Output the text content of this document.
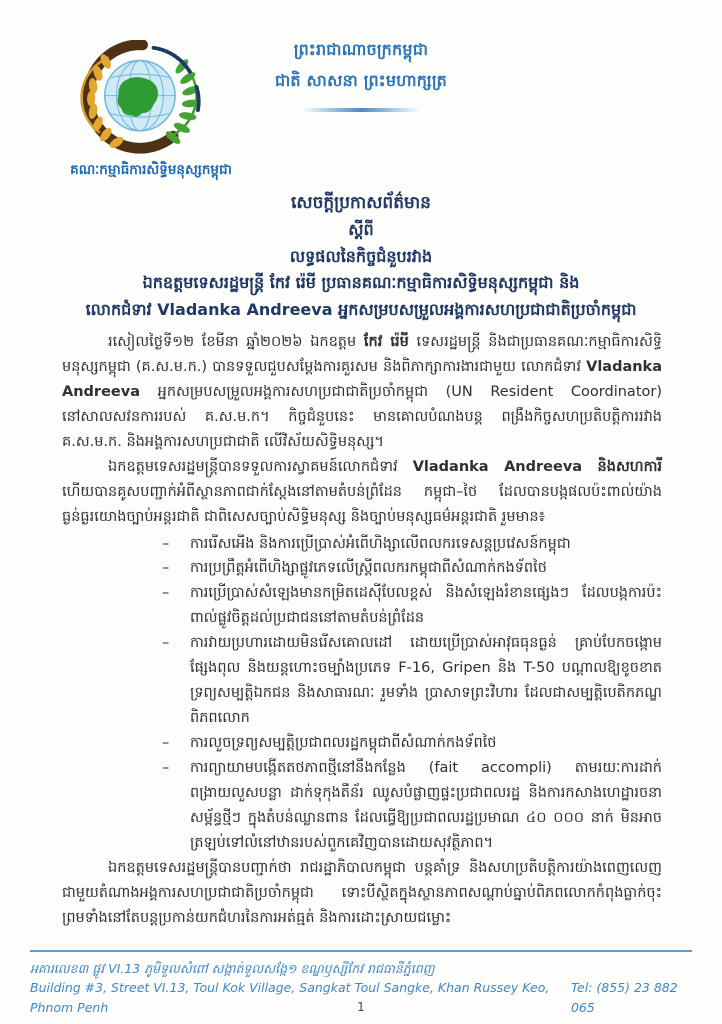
ព្រះរាជាណាចក្រកម្ពុជា
ជាតិ សាសនា ព្រះមហាក្សត្រ
គណៈកម្មាធិការសិទ្ធិមនុស្សកម្ពុជា
សេចក្តីប្រកាសព័ត៌មាន
ស្តីពី
លទ្ធផលនៃកិច្ចជំនួបរវាង
ឯកឧត្តមទេសរដ្ឋមន្ត្រី កែវ រ៉េមី ប្រធានគណៈកម្មាធិការសិទ្ធិមនុស្សកម្ពុជា និង
លោកជំទាវ Vladanka Andreeva អ្នកសម្របសម្រួលអង្គការសហប្រជាជាតិប្រចាំកម្ពុជា

រសៀលថ្ងៃទី១២ ខែមីនា ឆ្នាំ២០២៦ ឯកឧត្តម កែវ រ៉េមី ទេសរដ្ឋមន្ត្រី និងជាប្រធានគណៈកម្មាធិការសិទ្ធិមនុស្សកម្ពុជា (គ.ស.ម.ក.) បានទទួលជួបសម្តែងការគួរសម និងពិភាក្សាការងារជាមួយ លោកជំទាវ Vladanka Andreeva អ្នកសម្របសម្រួលអង្គការសហប្រជាជាតិប្រចាំកម្ពុជា (UN Resident Coordinator) នៅសាលសវនការរបស់ គ.ស.ម.ក។ កិច្ចជំនួបនេះ មានគោលបំណងបន្ត ពង្រឹងកិច្ចសហប្រតិបត្តិការរវាង គ.ស.ម.ក. និងអង្គការសហប្រជាជាតិ លើវិស័យសិទ្ធិមនុស្ស។

ឯកឧត្តមទេសរដ្ឋមន្ត្រីបានទទួលការស្វាគមន៍លោកជំទាវ Vladanka Andreeva និងសហការី ហើយបានគូសបញ្ជាក់អំពីស្ថានភាពជាក់ស្តែងនៅតាមតំបន់ព្រំដែន កម្ពុជា–ថៃ ដែលបានបង្កផលប៉ះពាល់យ៉ាងធ្ងន់ធ្ងរយោងច្បាប់អន្តរជាតិ ជាពិសេសច្បាប់សិទ្ធិមនុស្ស និងច្បាប់មនុស្សធម៌អន្តរជាតិ រួមមាន៖

– ការរើសអើង និងការប្រើប្រាស់អំពើហិង្សាលើពលករទេសន្តប្រវេសន៍កម្ពុជា
– ការប្រព្រឹត្តអំពើហិង្សាផ្លូវភេទលើស្ត្រីពលករកម្ពុជាពីសំណាក់កងទ័ពថៃ
– ការប្រើប្រាស់សំឡេងមានកម្រិតដេស៊ីបែលខ្ពស់ និងសំឡេងរំខានផ្សេងៗ ដែលបង្កការប៉ះពាល់ផ្លូវចិត្តដល់ប្រជាជននៅតាមតំបន់ព្រំដែន
– ការវាយប្រហារដោយមិនរើសគោលដៅ ដោយប្រើប្រាស់អាវុធធុនធ្ងន់ គ្រាប់បែកចង្កោម ផ្សែងពុល និងយន្តហោះចម្បាំងប្រភេទ F-16, Gripen និង T-50 បណ្តាលឱ្យខូចខាត ទ្រព្យសម្បត្តិឯកជន និងសាធារណៈ រួមទាំង ប្រាសាទព្រះវិហារ ដែលជាសម្បត្តិបេតិកភណ្ឌពិភពលោក
– ការលួចទ្រព្យសម្បត្តិប្រជាពលរដ្ឋកម្ពុជាពីសំណាក់កងទ័ពថៃ
– ការព្យាយាមបង្កើតតថភាពថ្មីនៅនឹងកន្លែង (fait accompli) តាមរយៈការដាក់ពង្រាយលួសបន្លា ដាក់ទុកុងតឺន័រ ឈូសបំផ្លាញផ្ទះប្រជាពលរដ្ឋ និងការកសាងហេដ្ឋារចនាសម្ព័ន្ធថ្មីៗ ក្នុងតំបន់ឈ្លានពាន ដែលធ្វើឱ្យប្រជាពលរដ្ឋប្រមាណ ៤០ ០០០ នាក់ មិនអាចត្រឡប់ទៅលំនៅឋានរបស់ពួកគេវិញបានដោយសុវត្ថិភាព។

ឯកឧត្តមទេសរដ្ឋមន្ត្រីបានបញ្ជាក់ថា រាជរដ្ឋាភិបាលកម្ពុជា បន្តគាំទ្រ និងសហប្រតិបត្តិការយ៉ាងពេញលេញជាមួយតំណាងអង្គការសហប្រជាជាតិប្រចាំកម្ពុជា ទោះបីស្ថិតក្នុងស្ថានភាពសណ្តាប់ធ្នាប់ពិភពលោកកំពុងធ្លាក់ចុះ ព្រមទាំងនៅតែបន្តប្រកាន់យកជំហរនៃការអត់ធ្មត់ និងការដោះស្រាយជម្លោះ

អគារលេខ៣ ផ្លូវ VI.13 ភូមិទួលសំពៅ សង្កាត់ទួលសង្កែ១ ខណ្ឌឫស្សីកែវ រាជធានីភ្នំពេញ
Building #3, Street VI.13, Toul Kok Village, Sangkat Toul Sangke, Khan Russey Keo, Phnom Penh
Tel: (855) 23 882 065
1
